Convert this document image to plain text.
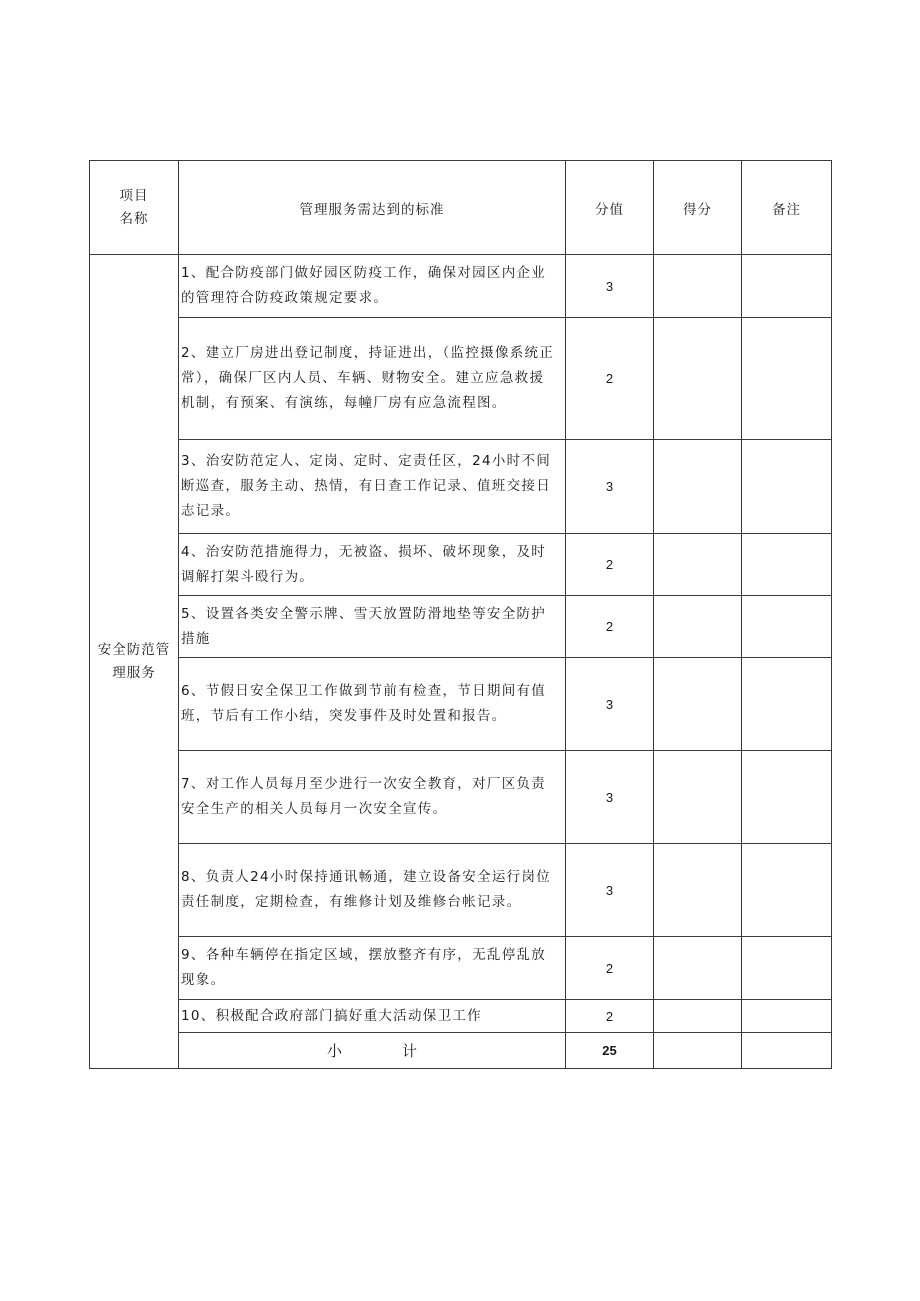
项目
名称	管理服务需达到的标准	分值	得分	备注

安全防范管
理服务	1、配合防疫部门做好园区防疫工作，确保对园区内企业的管理符合防疫政策规定要求。	3		
	2、建立厂房进出登记制度，持证进出，（监控摄像系统正常），确保厂区内人员、车辆、财物安全。建立应急救援机制，有预案、有演练，每幢厂房有应急流程图。	2		
	3、治安防范定人、定岗、定时、定责任区，24小时不间断巡查，服务主动、热情，有日查工作记录、值班交接日志记录。	3		
	4、治安防范措施得力，无被盗、损坏、破坏现象，及时调解打架斗殴行为。	2		
	5、设置各类安全警示牌、雪天放置防滑地垫等安全防护措施	2		
	6、节假日安全保卫工作做到节前有检查，节日期间有值班，节后有工作小结，突发事件及时处置和报告。	3		
	7、对工作人员每月至少进行一次安全教育，对厂区负责安全生产的相关人员每月一次安全宣传。	3		
	8、负责人24小时保持通讯畅通，建立设备安全运行岗位责任制度，定期检查，有维修计划及维修台帐记录。	3		
	9、各种车辆停在指定区域，摆放整齐有序，无乱停乱放现象。	2		
	10、积极配合政府部门搞好重大活动保卫工作	2		
	小计	25		
